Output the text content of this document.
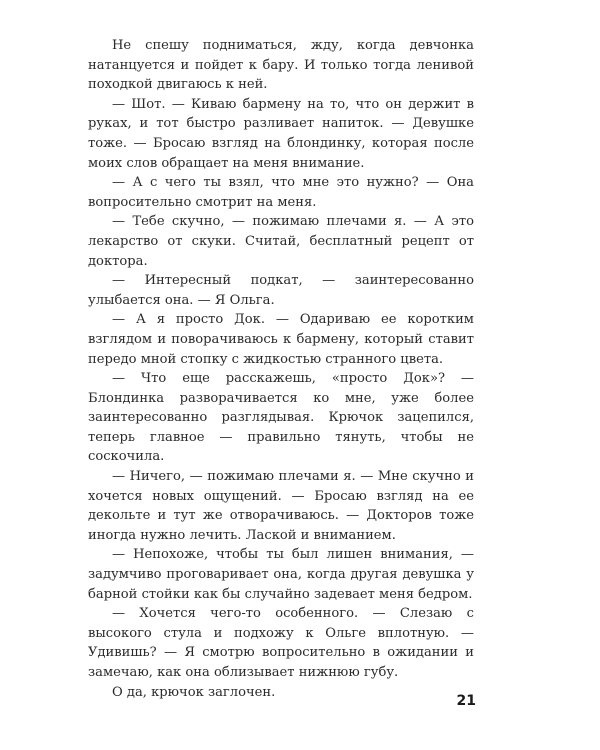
Не спешу подниматься, жду, когда девчонка натанцуется и пойдет к бару. И только тогда ленивой походкой двигаюсь к ней.

— Шот. — Киваю бармену на то, что он держит в руках, и тот быстро разливает напиток. — Девушке тоже. — Бросаю взгляд на блондинку, которая после моих слов обращает на меня внимание.

— А с чего ты взял, что мне это нужно? — Она вопросительно смотрит на меня.

— Тебе скучно, — пожимаю плечами я. — А это лекарство от скуки. Считай, бесплатный рецепт от доктора.

— Интересный подкат, — заинтересованно улыбается она. — Я Ольга.

— А я просто Док. — Одариваю ее коротким взглядом и поворачиваюсь к бармену, который ставит передо мной стопку с жидкостью странного цвета.

— Что еще расскажешь, «просто Док»? — Блондинка разворачивается ко мне, уже более заинтересованно разглядывая. Крючок зацепился, теперь главное — правильно тянуть, чтобы не соскочила.

— Ничего, — пожимаю плечами я. — Мне скучно и хочется новых ощущений. — Бросаю взгляд на ее декольте и тут же отворачиваюсь. — Докторов тоже иногда нужно лечить. Лаской и вниманием.

— Непохоже, чтобы ты был лишен внимания, — задумчиво проговаривает она, когда другая девушка у барной стойки как бы случайно задевает меня бедром.

— Хочется чего-то особенного. — Слезаю с высокого стула и подхожу к Ольге вплотную. — Удивишь? — Я смотрю вопросительно в ожидании и замечаю, как она облизывает нижнюю губу.

О да, крючок заглочен.

21
